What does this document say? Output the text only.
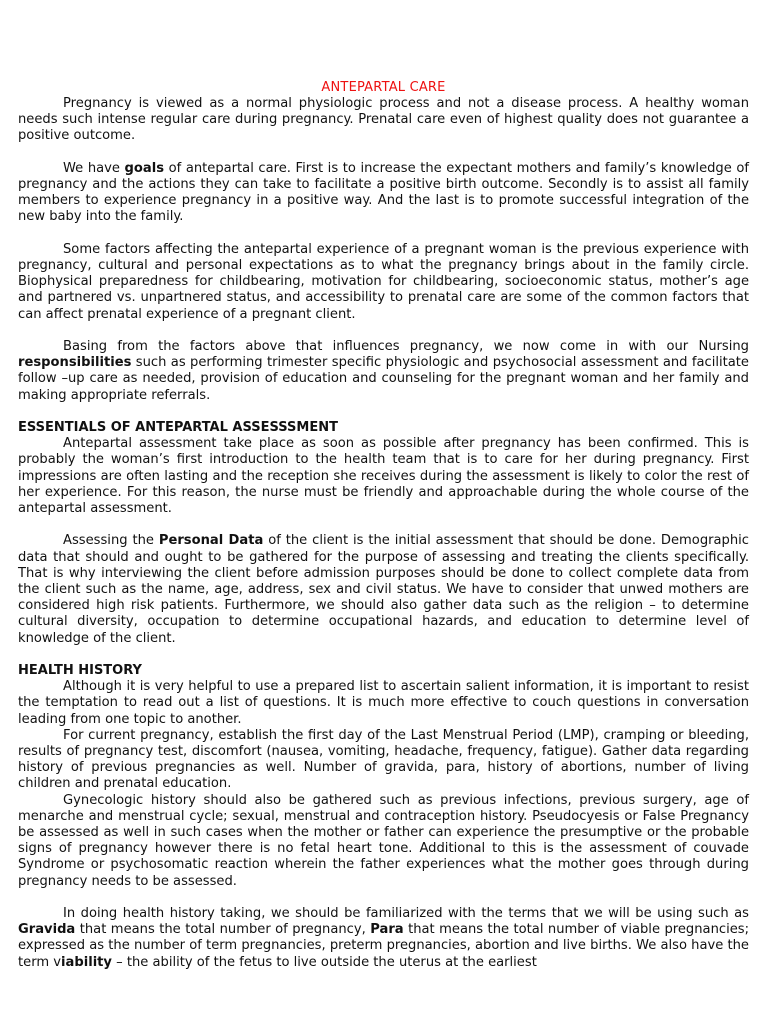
ANTEPARTAL CARE

Pregnancy is viewed as a normal physiologic process and not a disease process. A healthy woman needs such intense regular care during pregnancy. Prenatal care even of highest quality does not guarantee a positive outcome.

We have goals of antepartal care. First is to increase the expectant mothers and family’s knowledge of pregnancy and the actions they can take to facilitate a positive birth outcome. Secondly is to assist all family members to experience pregnancy in a positive way. And the last is to promote successful integration of the new baby into the family.

Some factors affecting the antepartal experience of a pregnant woman is the previous experience with pregnancy, cultural and personal expectations as to what the pregnancy brings about in the family circle. Biophysical preparedness for childbearing, motivation for childbearing, socioeconomic status, mother’s age and partnered vs. unpartnered status, and accessibility to prenatal care are some of the common factors that can affect prenatal experience of a pregnant client.

Basing from the factors above that influences pregnancy, we now come in with our Nursing responsibilities such as performing trimester specific physiologic and psychosocial assessment and facilitate follow –up care as needed, provision of education and counseling for the pregnant woman and her family and making appropriate referrals.

ESSENTIALS OF ANTEPARTAL ASSESSSMENT

Antepartal assessment take place as soon as possible after pregnancy has been confirmed. This is probably the woman’s first introduction to the health team that is to care for her during pregnancy. First impressions are often lasting and the reception she receives during the assessment is likely to color the rest of her experience. For this reason, the nurse must be friendly and approachable during the whole course of the antepartal assessment.

Assessing the Personal Data of the client is the initial assessment that should be done. Demographic data that should and ought to be gathered for the purpose of assessing and treating the clients specifically. That is why interviewing the client before admission purposes should be done to collect complete data from the client such as the name, age, address, sex and civil status. We have to consider that unwed mothers are considered high risk patients. Furthermore, we should also gather data such as the religion – to determine cultural diversity, occupation to determine occupational hazards, and education to determine level of knowledge of the client.

HEALTH HISTORY

Although it is very helpful to use a prepared list to ascertain salient information, it is important to resist the temptation to read out a list of questions. It is much more effective to couch questions in conversation leading from one topic to another.

For current pregnancy, establish the first day of the Last Menstrual Period (LMP), cramping or bleeding, results of pregnancy test, discomfort (nausea, vomiting, headache, frequency, fatigue). Gather data regarding history of previous pregnancies as well. Number of gravida, para, history of abortions, number of living children and prenatal education.

Gynecologic history should also be gathered such as previous infections, previous surgery, age of menarche and menstrual cycle; sexual, menstrual and contraception history. Pseudocyesis or False Pregnancy be assessed as well in such cases when the mother or father can experience the presumptive or the probable signs of pregnancy however there is no fetal heart tone. Additional to this is the assessment of couvade Syndrome or psychosomatic reaction wherein the father experiences what the mother goes through during pregnancy needs to be assessed.

In doing health history taking, we should be familiarized with the terms that we will be using such as Gravida that means the total number of pregnancy, Para that means the total number of viable pregnancies; expressed as the number of term pregnancies, preterm pregnancies, abortion and live births. We also have the term viability – the ability of the fetus to live outside the uterus at the earliest
